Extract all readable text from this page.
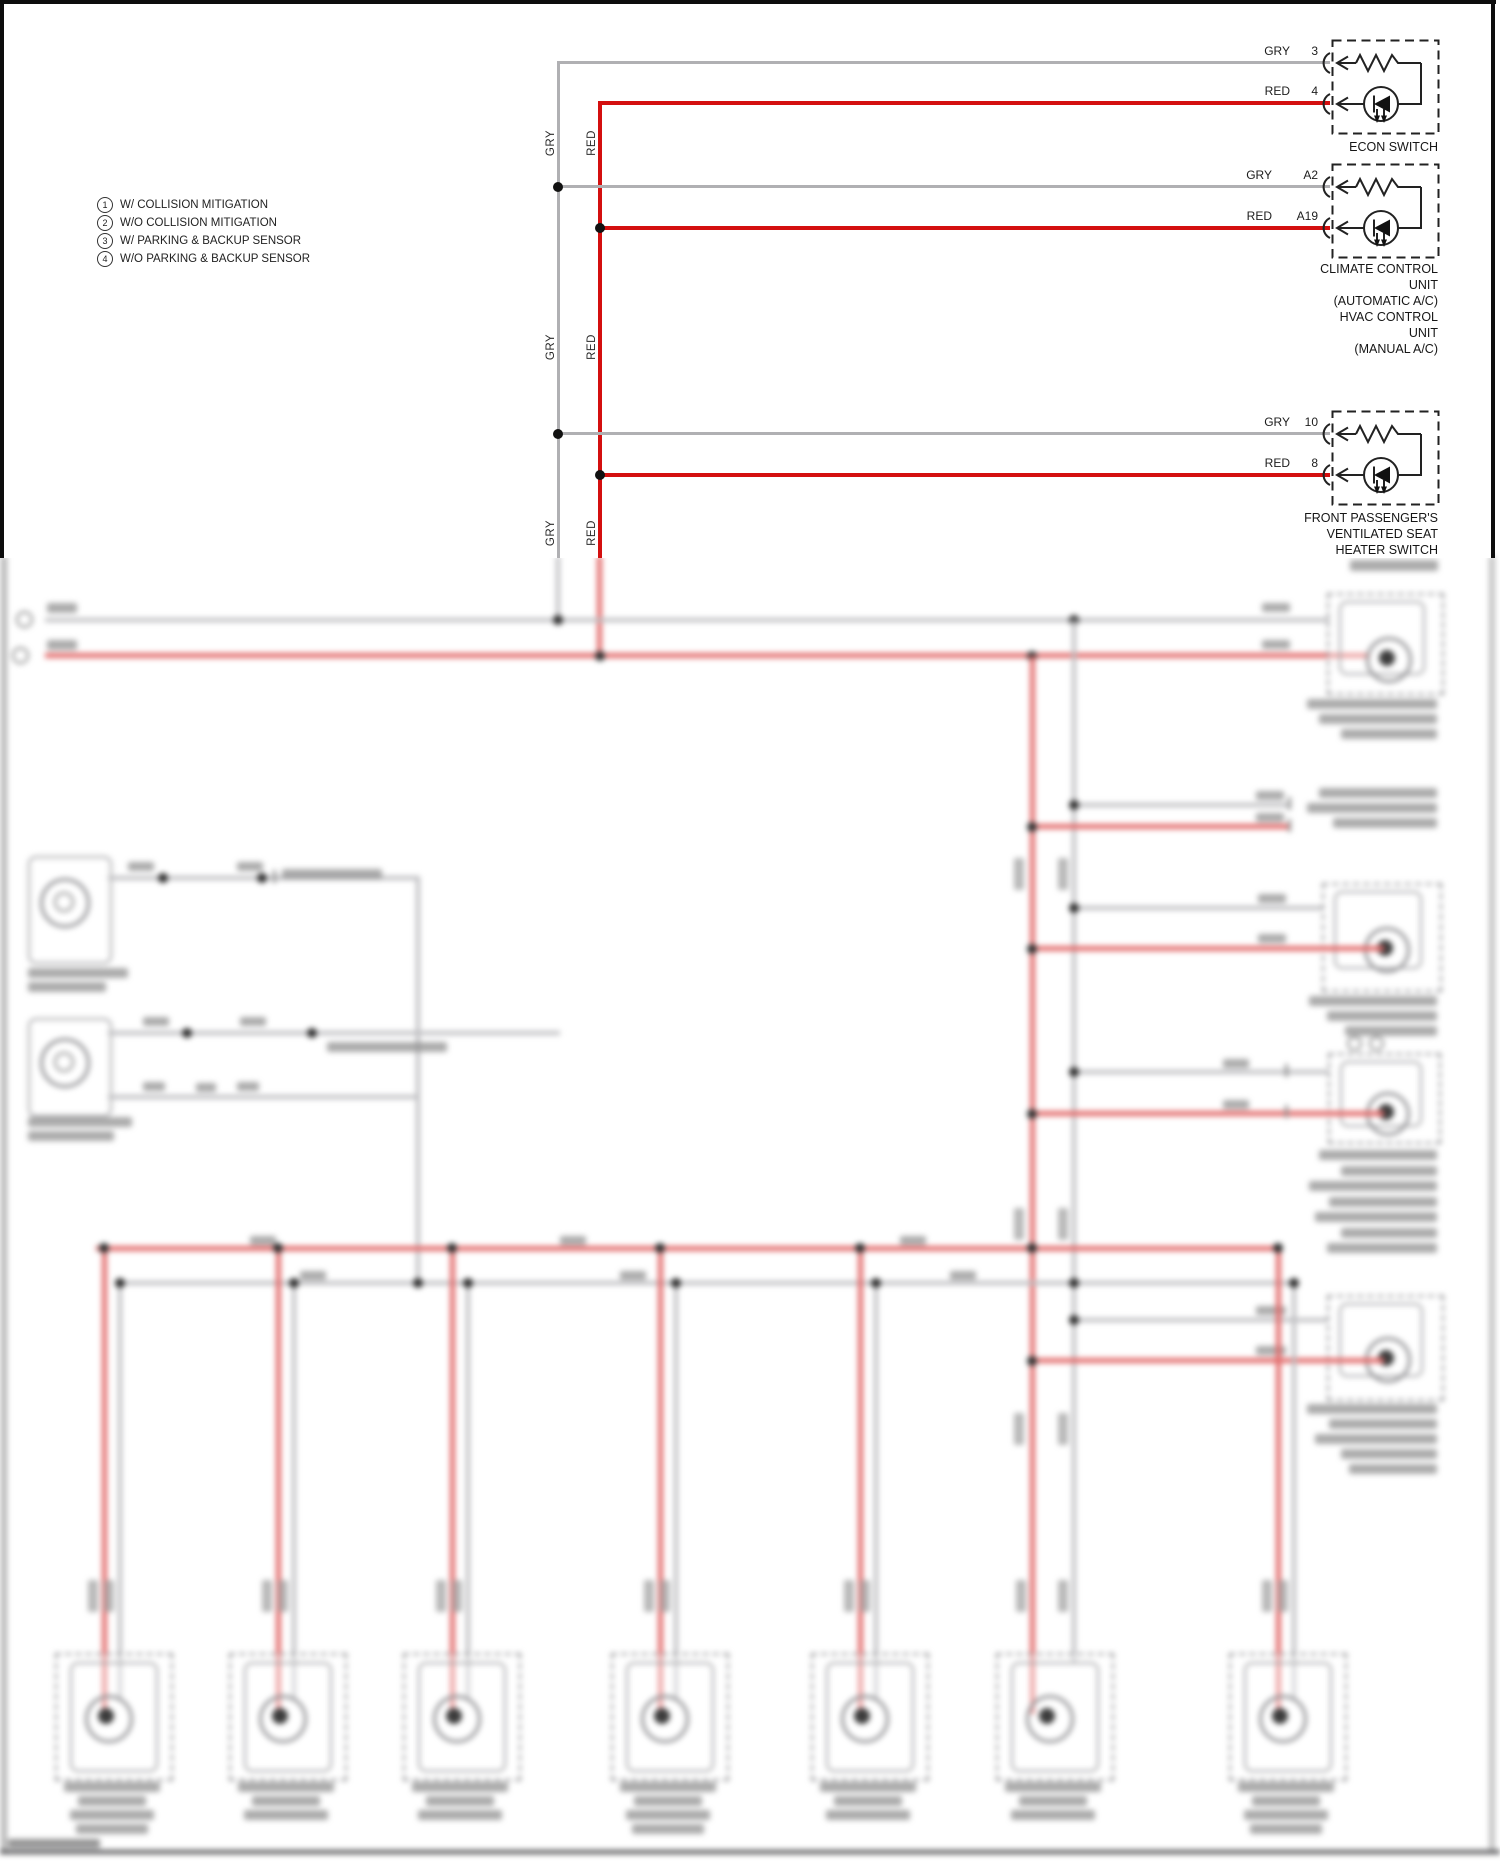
1	W/ COLLISION MITIGATION
2	W/O COLLISION MITIGATION
3	W/ PARKING & BACKUP SENSOR
4	W/O PARKING & BACKUP SENSOR
GRY	RED
GRY	RED
GRY	RED
GRY	3
RED	4
GRY	A2
RED	A19
GRY	10
RED	8
ECON SWITCH
CLIMATE CONTROL
UNIT
(AUTOMATIC A/C)
HVAC CONTROL
UNIT
(MANUAL A/C)
FRONT PASSENGER'S
VENTILATED SEAT
HEATER SWITCH
